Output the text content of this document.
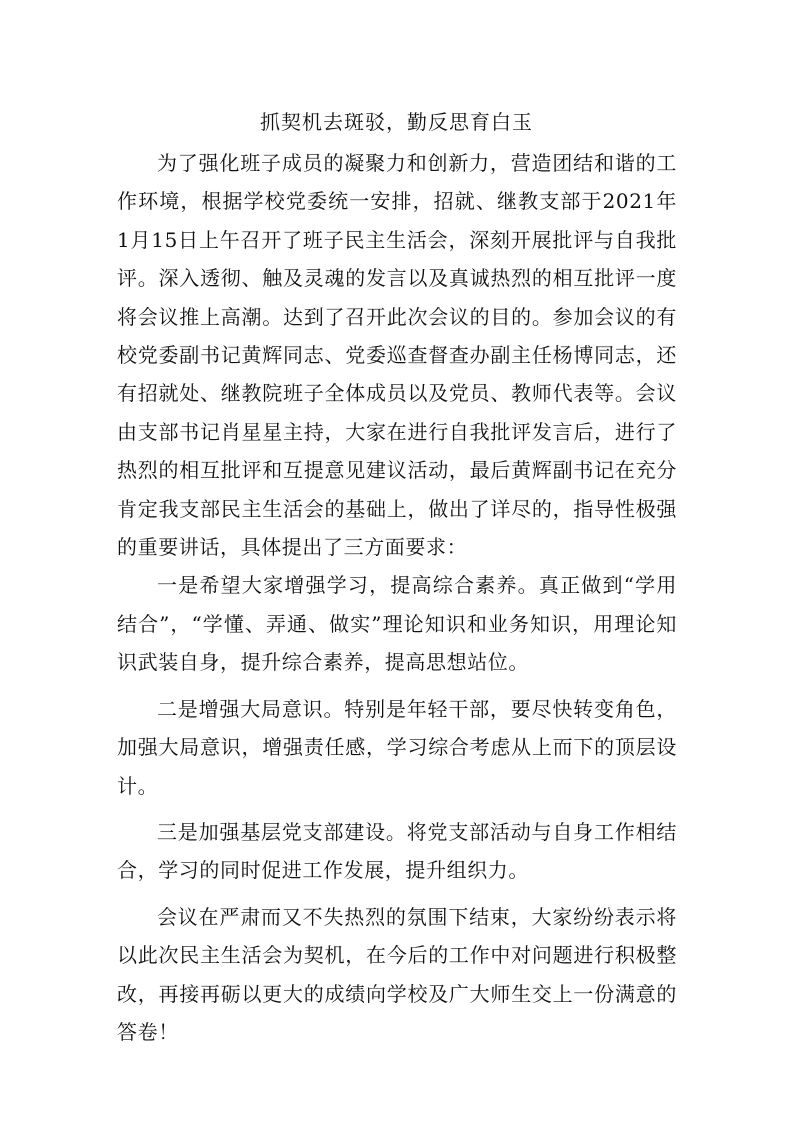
抓契机去斑驳，勤反思育白玉

为了强化班子成员的凝聚力和创新力，营造团结和谐的工作环境，根据学校党委统一安排，招就、继教支部于2021年1月15日上午召开了班子民主生活会，深刻开展批评与自我批评。深入透彻、触及灵魂的发言以及真诚热烈的相互批评一度将会议推上高潮。达到了召开此次会议的目的。参加会议的有校党委副书记黄辉同志、党委巡查督查办副主任杨博同志，还有招就处、继教院班子全体成员以及党员、教师代表等。会议由支部书记肖星星主持，大家在进行自我批评发言后，进行了热烈的相互批评和互提意见建议活动，最后黄辉副书记在充分肯定我支部民主生活会的基础上，做出了详尽的，指导性极强的重要讲话，具体提出了三方面要求：

一是希望大家增强学习，提高综合素养。真正做到“学用结合”，“学懂、弄通、做实”理论知识和业务知识，用理论知识武装自身，提升综合素养，提高思想站位。

二是增强大局意识。特别是年轻干部，要尽快转变角色，加强大局意识，增强责任感，学习综合考虑从上而下的顶层设计。

三是加强基层党支部建设。将党支部活动与自身工作相结合，学习的同时促进工作发展，提升组织力。

会议在严肃而又不失热烈的氛围下结束，大家纷纷表示将以此次民主生活会为契机，在今后的工作中对问题进行积极整改，再接再砺以更大的成绩向学校及广大师生交上一份满意的答卷！
